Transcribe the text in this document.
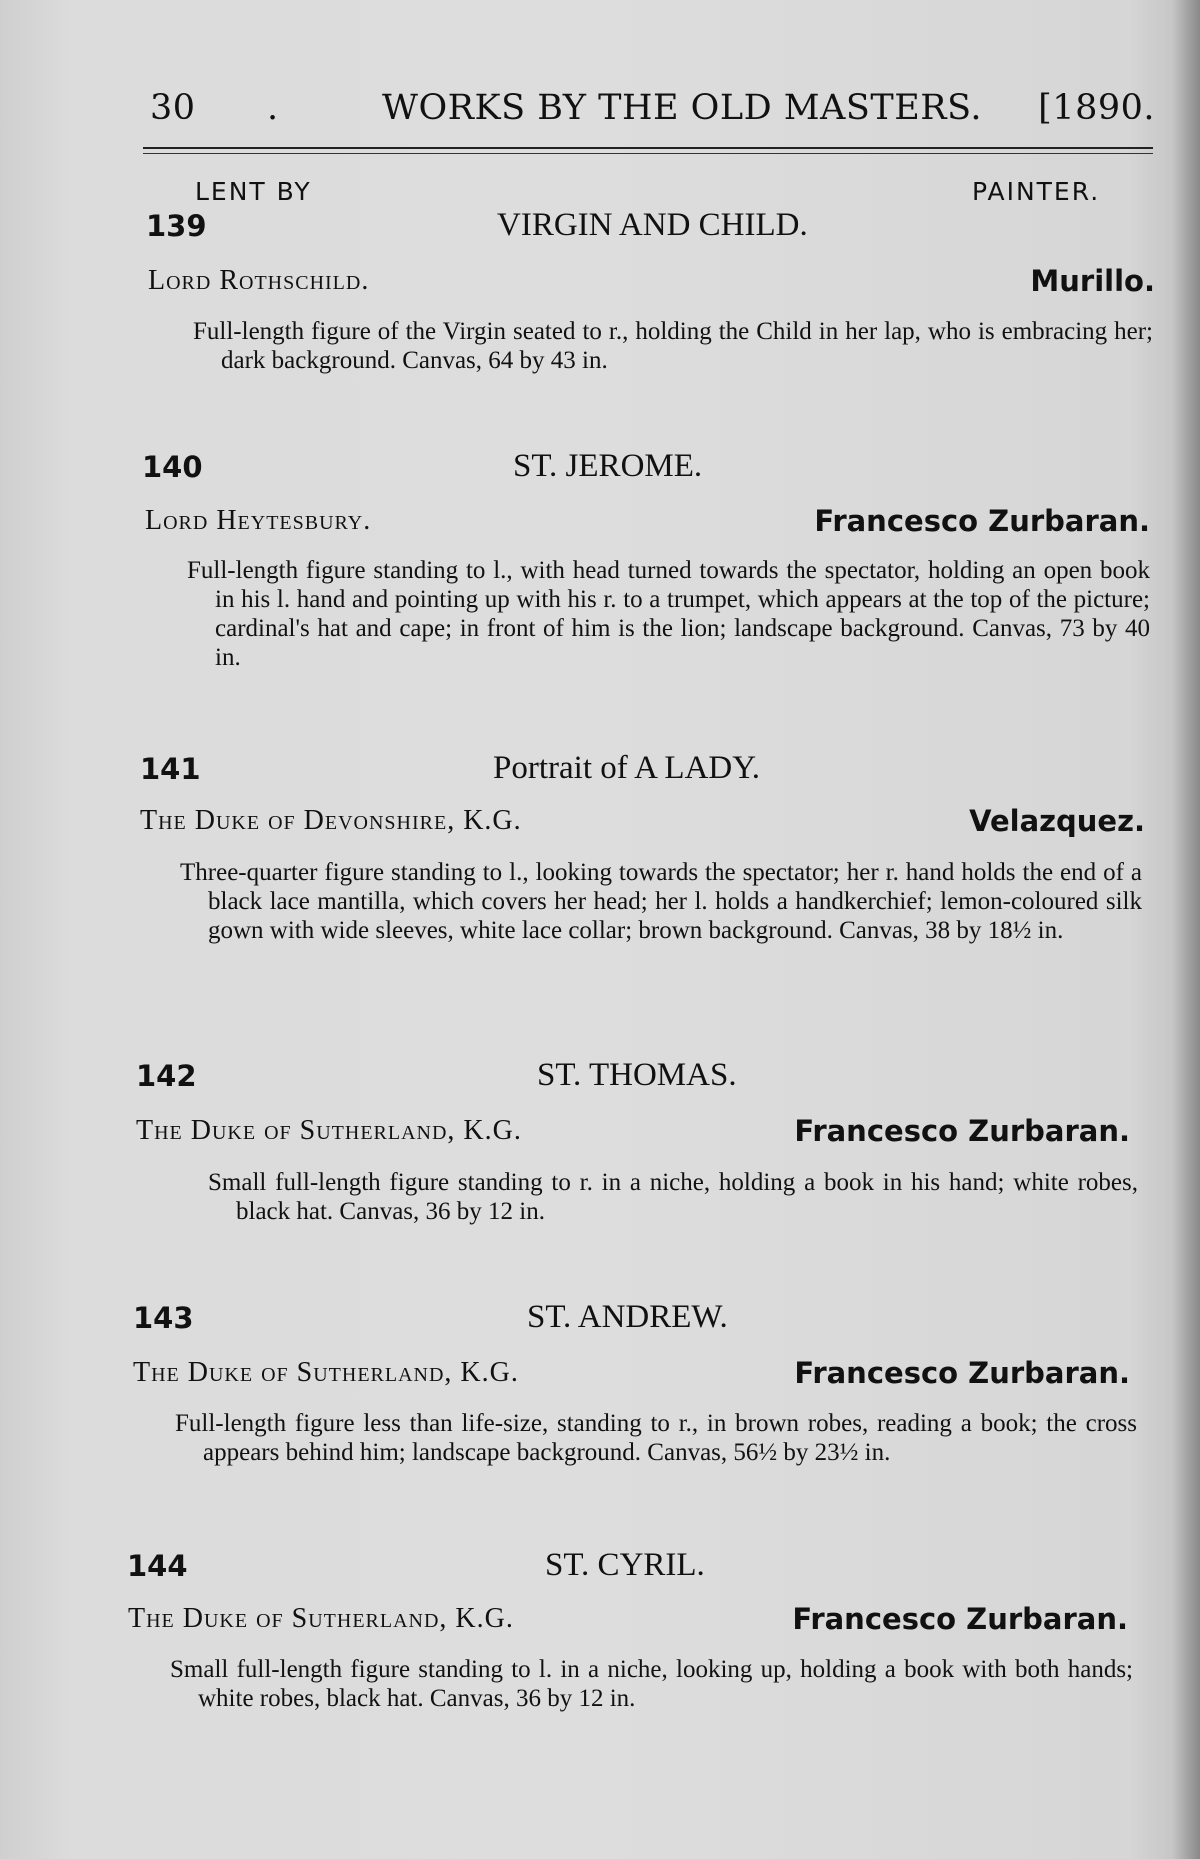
30 .	WORKS BY THE OLD MASTERS. [1890.
LENT BY	PAINTER.
139	VIRGIN AND CHILD.
Lord Rothschild.	Murillo.
Full-length figure of the Virgin seated to r., holding the Child in her lap, who is embracing her; dark background. Canvas, 64 by 43 in.
140	ST. JEROME.
Lord Heytesbury.	Francesco Zurbaran.
Full-length figure standing to l., with head turned towards the spectator, holding an open book in his l. hand and pointing up with his r. to a trumpet, which appears at the top of the picture; cardinal's hat and cape; in front of him is the lion; landscape background. Canvas, 73 by 40 in.
141	Portrait of A LADY.
The Duke of Devonshire, K.G.	Velazquez.
Three-quarter figure standing to l., looking towards the spectator; her r. hand holds the end of a black lace mantilla, which covers her head; her l. holds a handkerchief; lemon-coloured silk gown with wide sleeves, white lace collar; brown background. Canvas, 38 by 18½ in.
142	ST. THOMAS.
The Duke of Sutherland, K.G.	Francesco Zurbaran.
Small full-length figure standing to r. in a niche, holding a book in his hand; white robes, black hat. Canvas, 36 by 12 in.
143	ST. ANDREW.
The Duke of Sutherland, K.G.	Francesco Zurbaran.
Full-length figure less than life-size, standing to r., in brown robes, reading a book; the cross appears behind him; landscape background. Canvas, 56½ by 23½ in.
144	ST. CYRIL.
The Duke of Sutherland, K.G.	Francesco Zurbaran.
Small full-length figure standing to l. in a niche, looking up, holding a book with both hands; white robes, black hat. Canvas, 36 by 12 in.
